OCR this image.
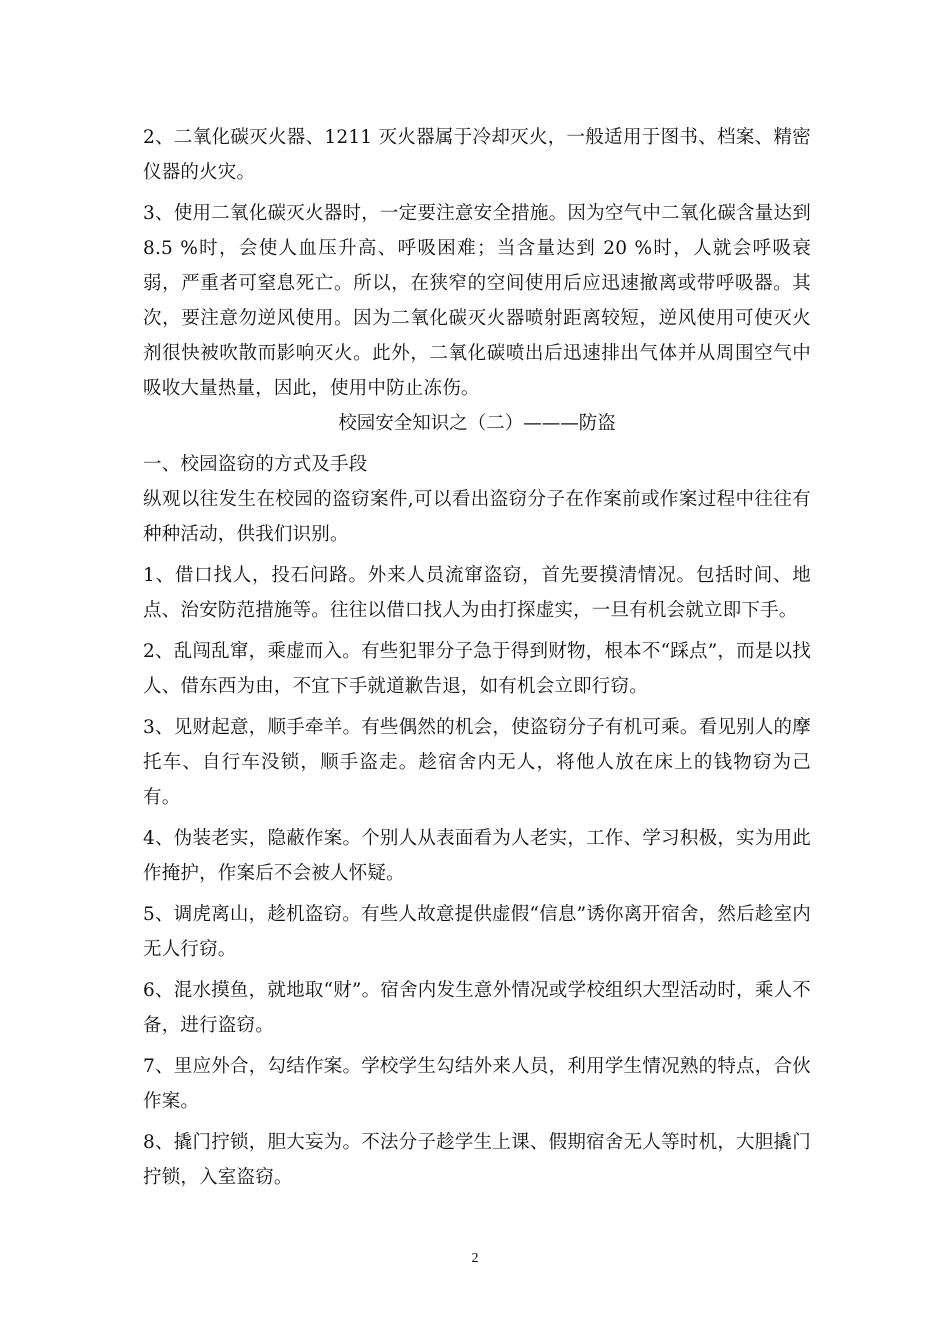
2、二氧化碳灭火器、1211 灭火器属于冷却灭火，一般适用于图书、档案、精密仪器的火灾。

3、使用二氧化碳灭火器时，一定要注意安全措施。因为空气中二氧化碳含量达到 8.5 %时，会使人血压升高、呼吸困难；当含量达到 20 %时，人就会呼吸衰弱，严重者可窒息死亡。所以，在狭窄的空间使用后应迅速撤离或带呼吸器。其次，要注意勿逆风使用。因为二氧化碳灭火器喷射距离较短，逆风使用可使灭火剂很快被吹散而影响灭火。此外，二氧化碳喷出后迅速排出气体并从周围空气中吸收大量热量，因此，使用中防止冻伤。

校园安全知识之（二）———防盗

一、校园盗窃的方式及手段

纵观以往发生在校园的盗窃案件,可以看出盗窃分子在作案前或作案过程中往往有种种活动，供我们识别。

1、借口找人，投石问路。外来人员流窜盗窃，首先要摸清情况。包括时间、地点、治安防范措施等。往往以借口找人为由打探虚实，一旦有机会就立即下手。

2、乱闯乱窜，乘虚而入。有些犯罪分子急于得到财物，根本不“踩点”，而是以找人、借东西为由，不宜下手就道歉告退，如有机会立即行窃。

3、见财起意，顺手牵羊。有些偶然的机会，使盗窃分子有机可乘。看见别人的摩托车、自行车没锁，顺手盗走。趁宿舍内无人，将他人放在床上的钱物窃为己有。

4、伪装老实，隐蔽作案。个别人从表面看为人老实，工作、学习积极，实为用此作掩护，作案后不会被人怀疑。

5、调虎离山，趁机盗窃。有些人故意提供虚假“信息”诱你离开宿舍，然后趁室内无人行窃。

6、混水摸鱼，就地取“财”。宿舍内发生意外情况或学校组织大型活动时，乘人不备，进行盗窃。

7、里应外合，勾结作案。学校学生勾结外来人员，利用学生情况熟的特点，合伙作案。

8、撬门拧锁，胆大妄为。不法分子趁学生上课、假期宿舍无人等时机，大胆撬门拧锁，入室盗窃。

2
